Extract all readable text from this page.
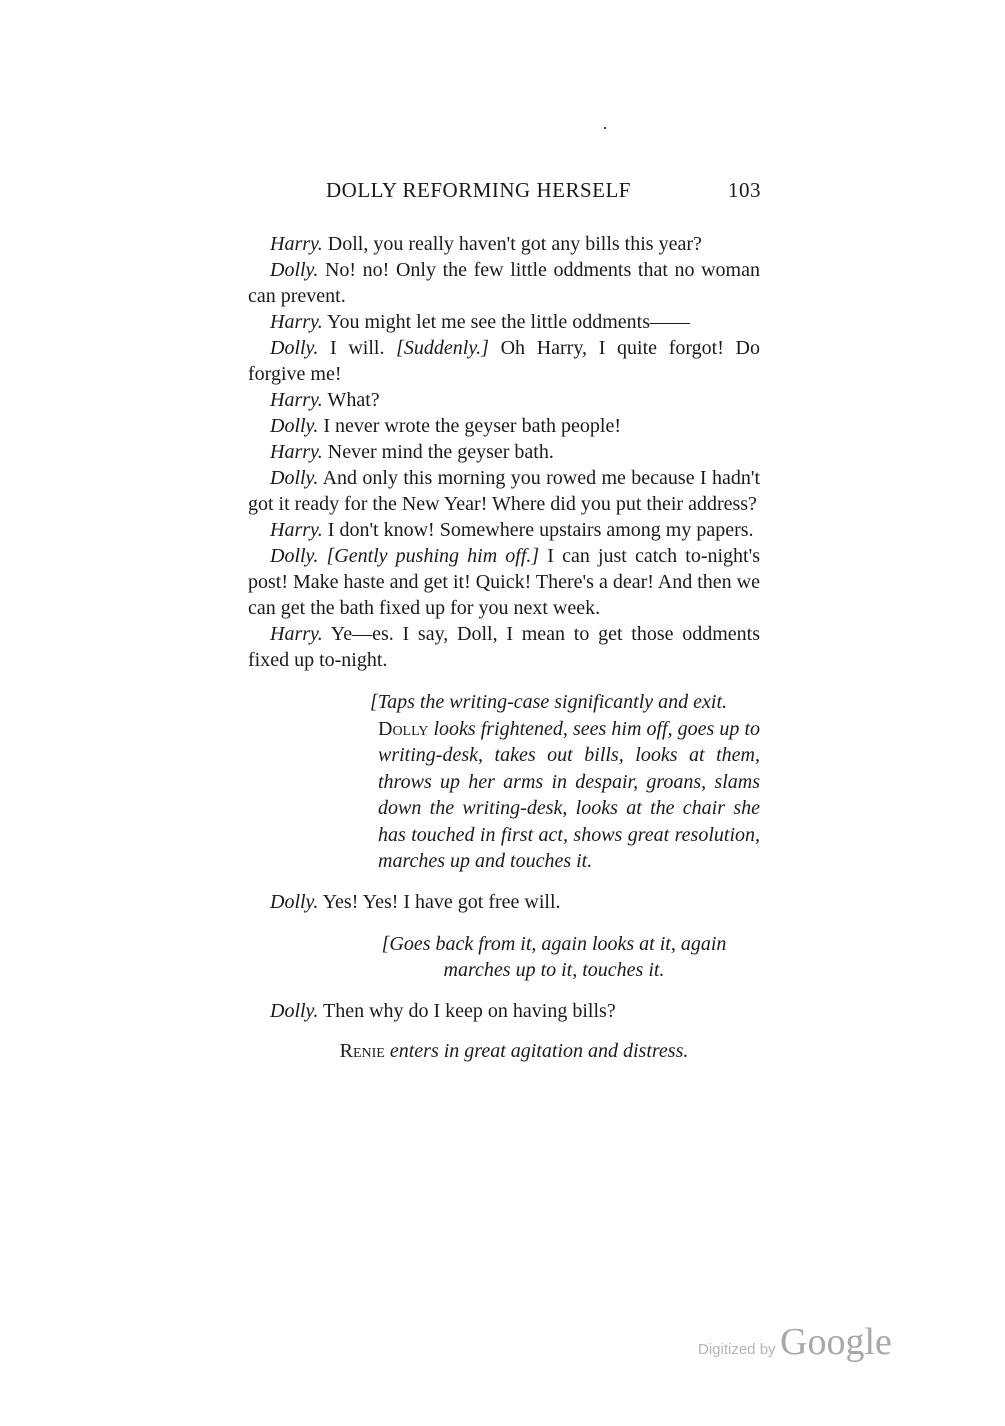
DOLLY REFORMING HERSELF	103

Harry. Doll, you really haven't got any bills this year?

Dolly. No! no! Only the few little oddments that no woman can prevent.

Harry. You might let me see the little oddments——

Dolly. I will. [Suddenly.] Oh Harry, I quite forgot! Do forgive me!

Harry. What?

Dolly. I never wrote the geyser bath people!

Harry. Never mind the geyser bath.

Dolly. And only this morning you rowed me because I hadn't got it ready for the New Year! Where did you put their address?

Harry. I don't know! Somewhere upstairs among my papers.

Dolly. [Gently pushing him off.] I can just catch to-night's post! Make haste and get it! Quick! There's a dear! And then we can get the bath fixed up for you next week.

Harry. Ye—es. I say, Doll, I mean to get those oddments fixed up to-night.

[Taps the writing-case significantly and exit.
Dolly looks frightened, sees him off, goes up to writing-desk, takes out bills, looks at them, throws up her arms in despair, groans, slams down the writing-desk, looks at the chair she has touched in first act, shows great resolution, marches up and touches it.

Dolly. Yes! Yes! I have got free will.

[Goes back from it, again looks at it, again marches up to it, touches it.

Dolly. Then why do I keep on having bills?

Renie enters in great agitation and distress.

Digitized by Google
